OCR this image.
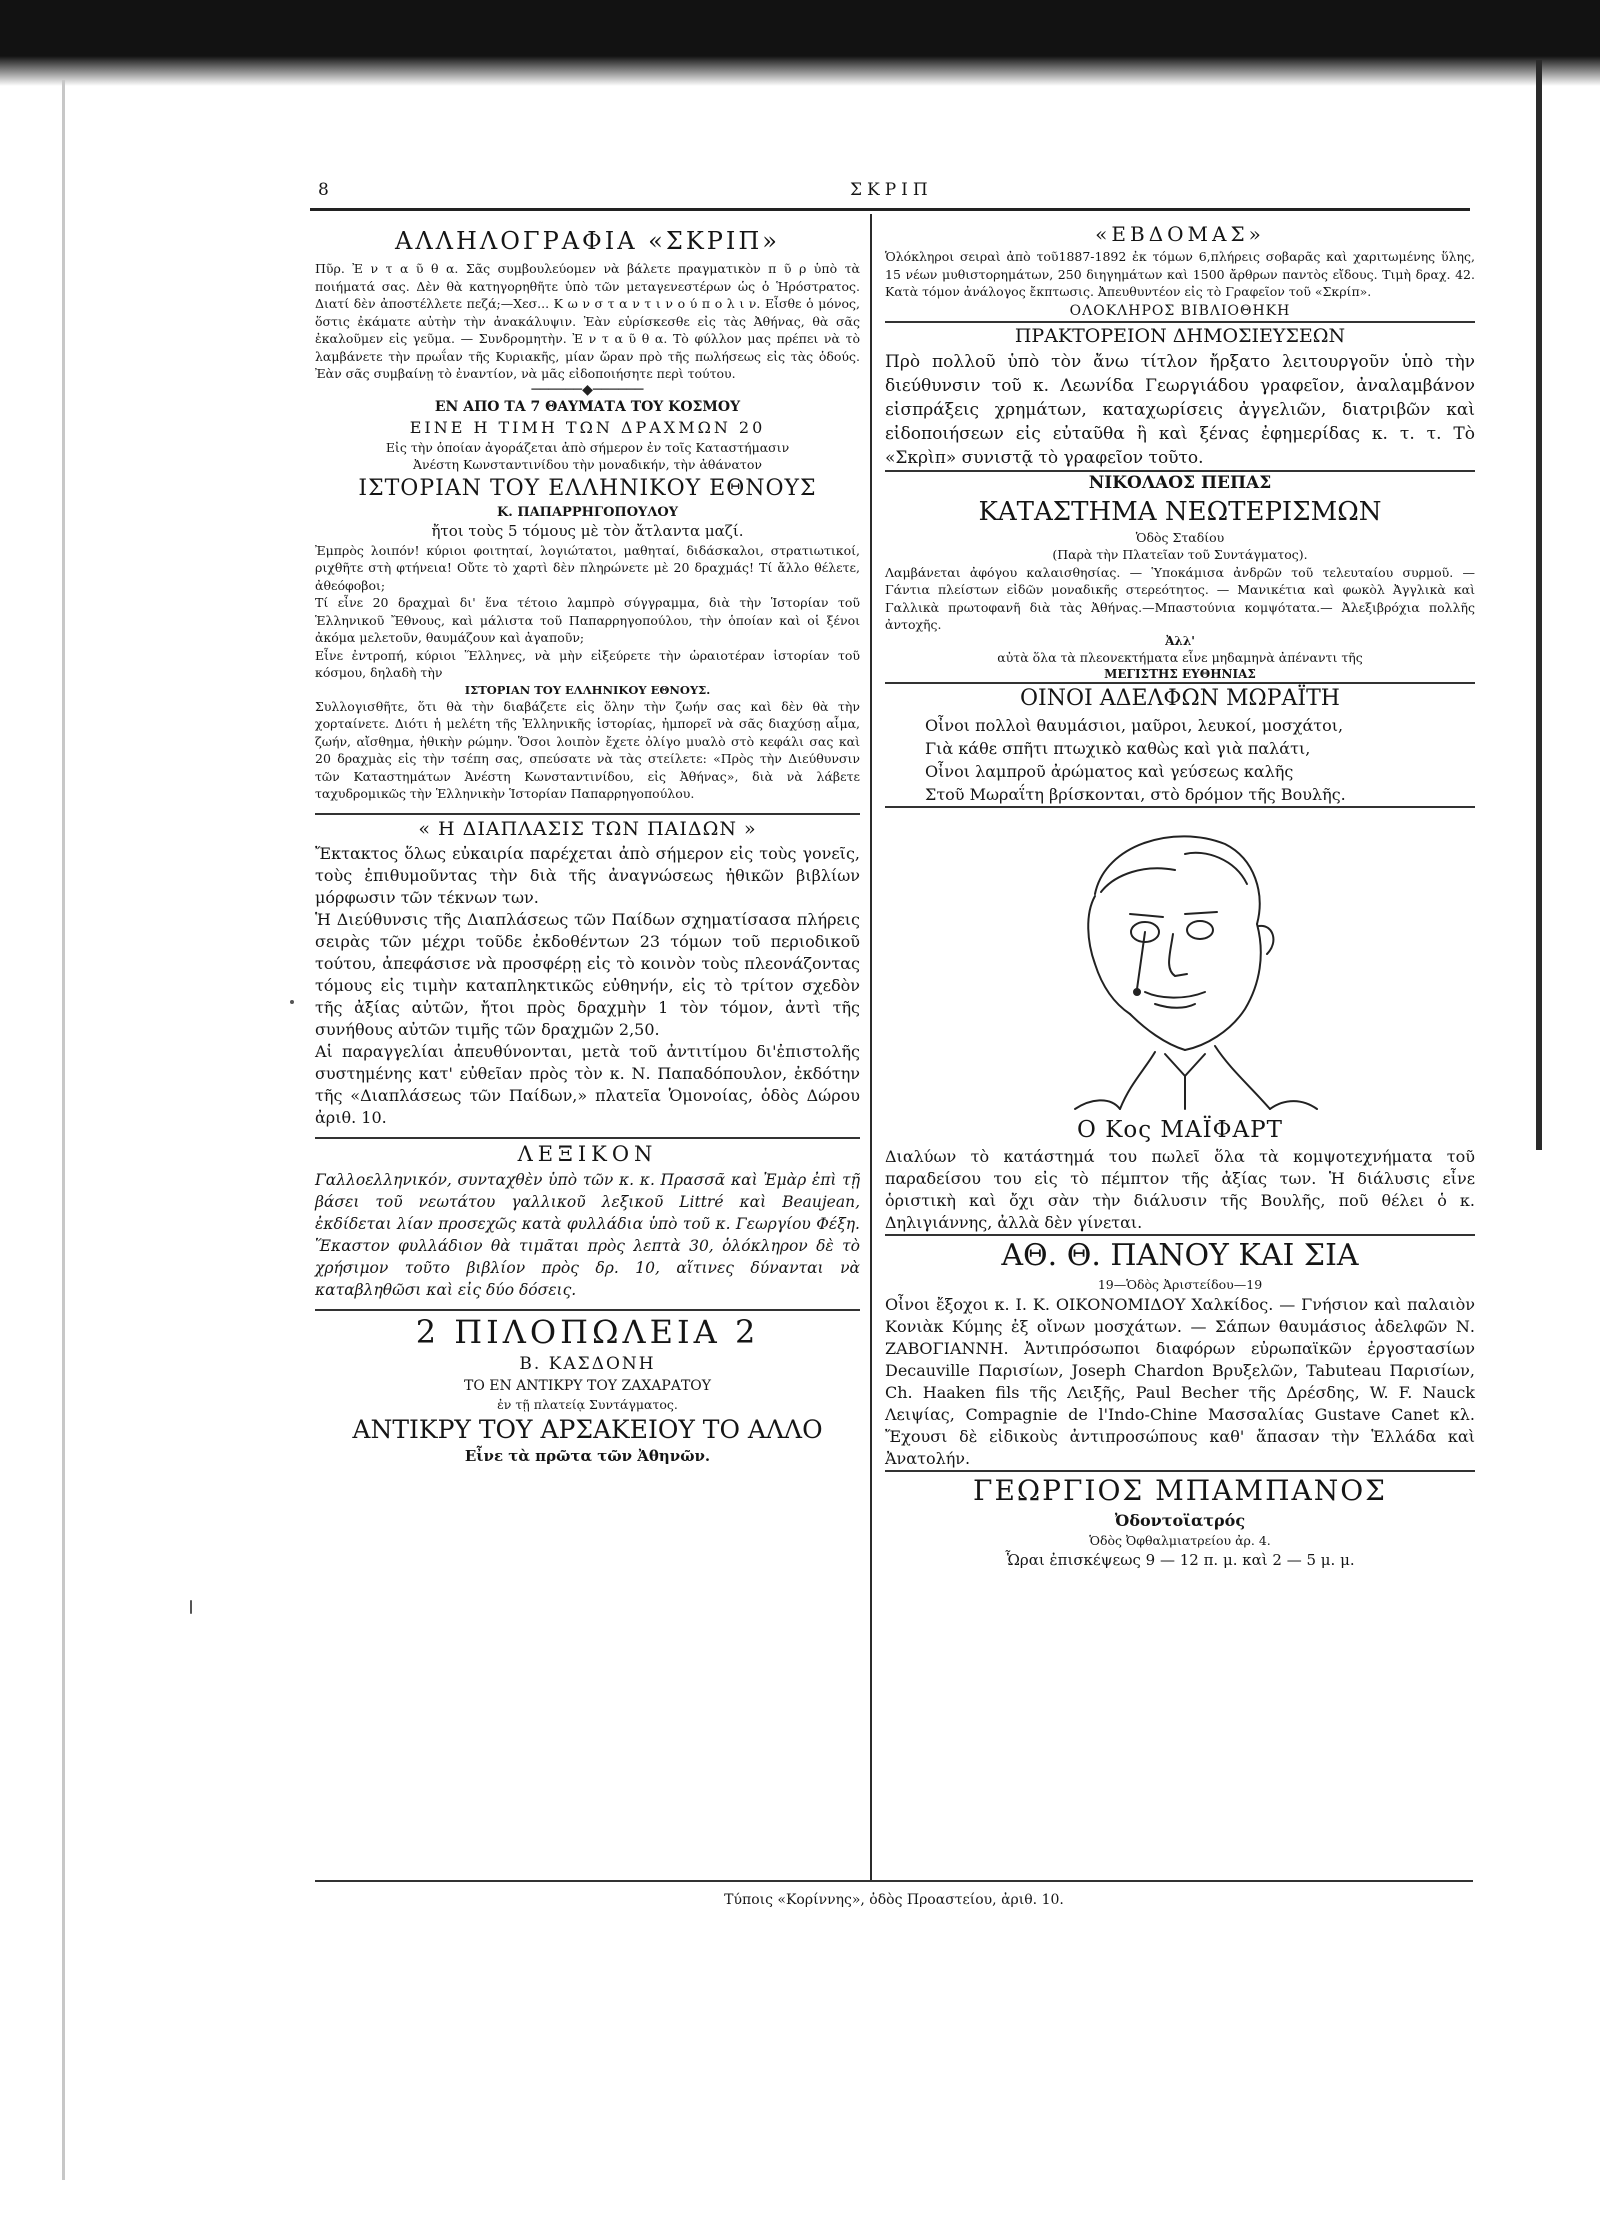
8	ΣΚΡΙΠ
ΑΛΛΗΛΟΓΡΑΦΙΑ «ΣΚΡΙΠ»

Πῦρ. Ἐ ν τ α ῦ θ α. Σᾶς συμβουλεύομεν νὰ βάλετε πραγματικὸν π ῦ ρ ὑπὸ τὰ ποιήματά σας. Δὲν θὰ κατηγορηθῆτε ὑπὸ τῶν μεταγενεστέρων ὡς ὁ Ἡρόστρατος. Διατί δὲν ἀποστέλλετε πεζά;—Χεσ... Κ ω ν σ τ α ν τ ι ν ο ύ π ο λ ι ν. Εἶσθε ὁ μόνος, ὅστις ἐκάματε αὐτὴν τὴν ἀνακάλυψιν. Ἐὰν εὑρίσκεσθε εἰς τὰς Ἀθήνας, θὰ σᾶς ἐκαλοῦμεν εἰς γεῦμα. — Συνδρομητὴν. Ἐ ν τ α ῦ θ α. Τὸ φύλλον μας πρέπει νὰ τὸ λαμβάνετε τὴν πρωΐαν τῆς Κυριακῆς, μίαν ὥραν πρὸ τῆς πωλήσεως εἰς τὰς ὁδούς. Ἐὰν σᾶς συμβαίνῃ τὸ ἐναντίον, νὰ μᾶς εἰδοποιήσητε περὶ τούτου.

──────◆──────
ΕΝ ΑΠΟ ΤΑ 7 ΘΑΥΜΑΤΑ ΤΟΥ ΚΟΣΜΟΥ
ΕΙΝΕ Η ΤΙΜΗ ΤΩΝ ΔΡΑΧΜΩΝ 20
Εἰς τὴν ὁποίαν ἀγοράζεται ἀπὸ σήμερον ἐν τοῖς Καταστήμασιν
Ἀνέστη Κωνσταντινίδου τὴν μοναδικήν, τὴν ἀθάνατον
ΙΣΤΟΡΙΑΝ ΤΟΥ ΕΛΛΗΝΙΚΟΥ ΕΘΝΟΥΣ
Κ. ΠΑΠΑΡΡΗΓΟΠΟΥΛΟΥ
ἤτοι τοὺς 5 τόμους μὲ τὸν ἄτλαντα μαζί.

Ἐμπρὸς λοιπόν! κύριοι φοιτηταί, λογιώτατοι, μαθηταί, διδάσκαλοι, στρατιωτικοί, ριχθῆτε στὴ φτήνεια! Οὔτε τὸ χαρτὶ δὲν πληρώνετε μὲ 20 δραχμάς! Τί ἄλλο θέλετε, ἀθεόφοβοι;

Τί εἶνε 20 δραχμαὶ δι' ἕνα τέτοιο λαμπρὸ σύγγραμμα, διὰ τὴν Ἱστορίαν τοῦ Ἑλληνικοῦ Ἔθνους, καὶ μάλιστα τοῦ Παπαρρηγοπούλου, τὴν ὁποίαν καὶ οἱ ξένοι ἀκόμα μελετοῦν, θαυμάζουν καὶ ἀγαποῦν;

Εἶνε ἐντροπή, κύριοι Ἕλληνες, νὰ μὴν εἰξεύρετε τὴν ὡραιοτέραν ἱστορίαν τοῦ κόσμου, δηλαδὴ τὴν

ΙΣΤΟΡΙΑΝ ΤΟΥ ΕΛΛΗΝΙΚΟΥ ΕΘΝΟΥΣ.

Συλλογισθῆτε, ὅτι θὰ τὴν διαβάζετε εἰς ὅλην τὴν ζωήν σας καὶ δὲν θὰ τὴν χορταίνετε. Διότι ἡ μελέτη τῆς Ἑλληνικῆς ἱστορίας, ἠμπορεῖ νὰ σᾶς διαχύσῃ αἷμα, ζωήν, αἴσθημα, ἠθικὴν ρώμην. Ὅσοι λοιπὸν ἔχετε ὀλίγο μυαλὸ στὸ κεφάλι σας καὶ 20 δραχμὰς εἰς τὴν τσέπη σας, σπεύσατε νὰ τὰς στείλετε: «Πρὸς τὴν Διεύθυνσιν τῶν Καταστημάτων Ἀνέστη Κωνσταντινίδου, εἰς Ἀθήνας», διὰ νὰ λάβετε ταχυδρομικῶς τὴν Ἑλληνικὴν Ἱστορίαν Παπαρρηγοπούλου.

« Η ΔΙΑΠΛΑΣΙΣ ΤΩΝ ΠΑΙΔΩΝ »

Ἔκτακτος ὅλως εὐκαιρία παρέχεται ἀπὸ σήμερον εἰς τοὺς γονεῖς, τοὺς ἐπιθυμοῦντας τὴν διὰ τῆς ἀναγνώσεως ἠθικῶν βιβλίων μόρφωσιν τῶν τέκνων των.

Ἡ Διεύθυνσις τῆς Διαπλάσεως τῶν Παίδων σχηματίσασα πλήρεις σειρὰς τῶν μέχρι τοῦδε ἐκδοθέντων 23 τόμων τοῦ περιοδικοῦ τούτου, ἀπεφάσισε νὰ προσφέρῃ εἰς τὸ κοινὸν τοὺς πλεονάζοντας τόμους εἰς τιμὴν καταπληκτικῶς εὐθηνήν, εἰς τὸ τρίτον σχεδὸν τῆς ἀξίας αὐτῶν, ἤτοι πρὸς δραχμὴν 1 τὸν τόμον, ἀντὶ τῆς συνήθους αὐτῶν τιμῆς τῶν δραχμῶν 2,50.

Αἱ παραγγελίαι ἀπευθύνονται, μετὰ τοῦ ἀντιτίμου δι'ἐπιστολῆς συστημένης κατ' εὐθεῖαν πρὸς τὸν κ. Ν. Παπαδόπουλον, ἐκδότην τῆς «Διαπλάσεως τῶν Παίδων,» πλατεῖα Ὁμονοίας, ὁδὸς Δώρου ἀριθ. 10.

ΛΕΞΙΚΟΝ

Γαλλοελληνικόν, συνταχθὲν ὑπὸ τῶν κ. κ. Πρασσᾶ καὶ Ἐμὰρ ἐπὶ τῇ βάσει τοῦ νεωτάτου γαλλικοῦ λεξικοῦ Littré καὶ Beaujean, ἐκδίδεται λίαν προσεχῶς κατὰ φυλλάδια ὑπὸ τοῦ κ. Γεωργίου Φέξη. Ἕκαστον φυλλάδιον θὰ τιμᾶται πρὸς λεπτὰ 30, ὁλόκληρον δὲ τὸ χρήσιμον τοῦτο βιβλίον πρὸς δρ. 10, αἵτινες δύνανται νὰ καταβληθῶσι καὶ εἰς δύο δόσεις.

2 ΠΙΛΟΠΩΛΕΙΑ 2
Β. ΚΑΣΔΟΝΗ
ΤΟ ΕΝ ΑΝΤΙΚΡΥ ΤΟΥ ΖΑΧΑΡΑΤΟΥ
ἐν τῇ πλατείᾳ Συντάγματος.
ΑΝΤΙΚΡΥ ΤΟΥ ΑΡΣΑΚΕΙΟΥ ΤΟ ΑΛΛΟ
Εἶνε τὰ πρῶτα τῶν Ἀθηνῶν.
«ΕΒΔΟΜΑΣ»

Ὁλόκληροι σειραὶ ἀπὸ τοῦ1887-1892 ἐκ τόμων 6,πλήρεις σοβαρᾶς καὶ χαριτωμένης ὕλης, 15 νέων μυθιστορημάτων, 250 διηγημάτων καὶ 1500 ἄρθρων παντὸς εἴδους. Τιμὴ δραχ. 42. Κατὰ τόμον ἀνάλογος ἔκπτωσις. Ἀπευθυντέον εἰς τὸ Γραφεῖον τοῦ «Σκρίπ».

ΟΛΟΚΛΗΡΟΣ ΒΙΒΛΙΟΘΗΚΗ
ΠΡΑΚΤΟΡΕΙΟΝ ΔΗΜΟΣΙΕΥΣΕΩΝ

Πρὸ πολλοῦ ὑπὸ τὸν ἄνω τίτλον ἤρξατο λειτουργοῦν ὑπὸ τὴν διεύθυνσιν τοῦ κ. Λεωνίδα Γεωργιάδου γραφεῖον, ἀναλαμβάνον εἰσπράξεις χρημάτων, καταχωρίσεις ἀγγελιῶν, διατριβῶν καὶ εἰδοποιήσεων εἰς εὐταῦθα ἢ καὶ ξένας ἐφημερίδας κ. τ. τ. Τὸ «Σκρὶπ» συνιστᾷ τὸ γραφεῖον τοῦτο.

ΝΙΚΟΛΑΟΣ ΠΕΠΑΣ
ΚΑΤΑΣΤΗΜΑ ΝΕΩΤΕΡΙΣΜΩΝ
Ὁδὸς Σταδίου
(Παρὰ τὴν Πλατεῖαν τοῦ Συντάγματος).

Λαμβάνεται ἀφόγου καλαισθησίας. — Ὑποκάμισα ἀνδρῶν τοῦ τελευταίου συρμοῦ. — Γάντια πλείστων εἰδῶν μοναδικῆς στερεότητος. — Μανικέτια καὶ φωκὸλ Ἀγγλικὰ καὶ Γαλλικὰ πρωτοφανῆ διὰ τὰς Ἀθήνας.—Μπαστούνια κομψότατα.— Ἀλεξιβρόχια πολλῆς ἀντοχῆς.

Ἀλλ'
αὐτὰ ὅλα τὰ πλεονεκτήματα εἶνε μηδαμηνὰ ἀπέναντι τῆς
ΜΕΓΙΣΤΗΣ ΕΥΘΗΝΙΑΣ
ΟΙΝΟΙ ΑΔΕΛΦΩΝ ΜΩΡΑΪΤΗ
Οἶνοι πολλοὶ θαυμάσιοι, μαῦροι, λευκοί, μοσχάτοι,
Γιὰ κάθε σπῆτι πτωχικὸ καθὼς καὶ γιὰ παλάτι,
Οἶνοι λαμπροῦ ἀρώματος καὶ γεύσεως καλῆς
Στοῦ Μωραΐτη βρίσκονται, στὸ δρόμον τῆς Βουλῆς.
Ο Κος ΜΑΪΦΑΡΤ

Διαλύων τὸ κατάστημά του πωλεῖ ὅλα τὰ κομψοτεχνήματα τοῦ παραδείσου του εἰς τὸ πέμπτον τῆς ἀξίας των. Ἡ διάλυσις εἶνε ὁριστικὴ καὶ ὄχι σὰν τὴν διάλυσιν τῆς Βουλῆς, ποῦ θέλει ὁ κ. Δηλιγιάννης, ἀλλὰ δὲν γίνεται.

ΑΘ. Θ. ΠΑΝΟΥ ΚΑΙ ΣΙΑ
19—Ὁδὸς Ἀριστείδου—19

Οἶνοι ἔξοχοι κ. Ι. Κ. ΟΙΚΟΝΟΜΙΔΟΥ Χαλκίδος. — Γνήσιον καὶ παλαιὸν Κονιὰκ Κύμης ἐξ οἴνων μοσχάτων. — Σάπων θαυμάσιος ἀδελφῶν Ν. ΖΑΒΟΓΙΑΝΝΗ. Ἀντιπρόσωποι διαφόρων εὐρωπαϊκῶν ἐργοστασίων Decauville Παρισίων, Joseph Chardon Βρυξελῶν, Tabuteau Παρισίων, Ch. Haaken fils τῆς Λειξῆς, Paul Becher τῆς Δρέσδης, W. F. Nauck Λειψίας, Compagnie de l'Indo-Chine Μασσαλίας Gustave Canet κλ. Ἔχουσι δὲ εἰδικοὺς ἀντιπροσώπους καθ' ἅπασαν τὴν Ἑλλάδα καὶ Ἀνατολήν.

ΓΕΩΡΓΙΟΣ ΜΠΑΜΠΑΝΟΣ
Ὀδοντοϊατρός
Ὁδὸς Ὀφθαλμιατρείου ἀρ. 4.
Ὧραι ἐπισκέψεως 9 — 12 π. μ. καὶ 2 — 5 μ. μ.
Τύποις «Κορίννης», ὁδὸς Προαστείου, ἀριθ. 10.
